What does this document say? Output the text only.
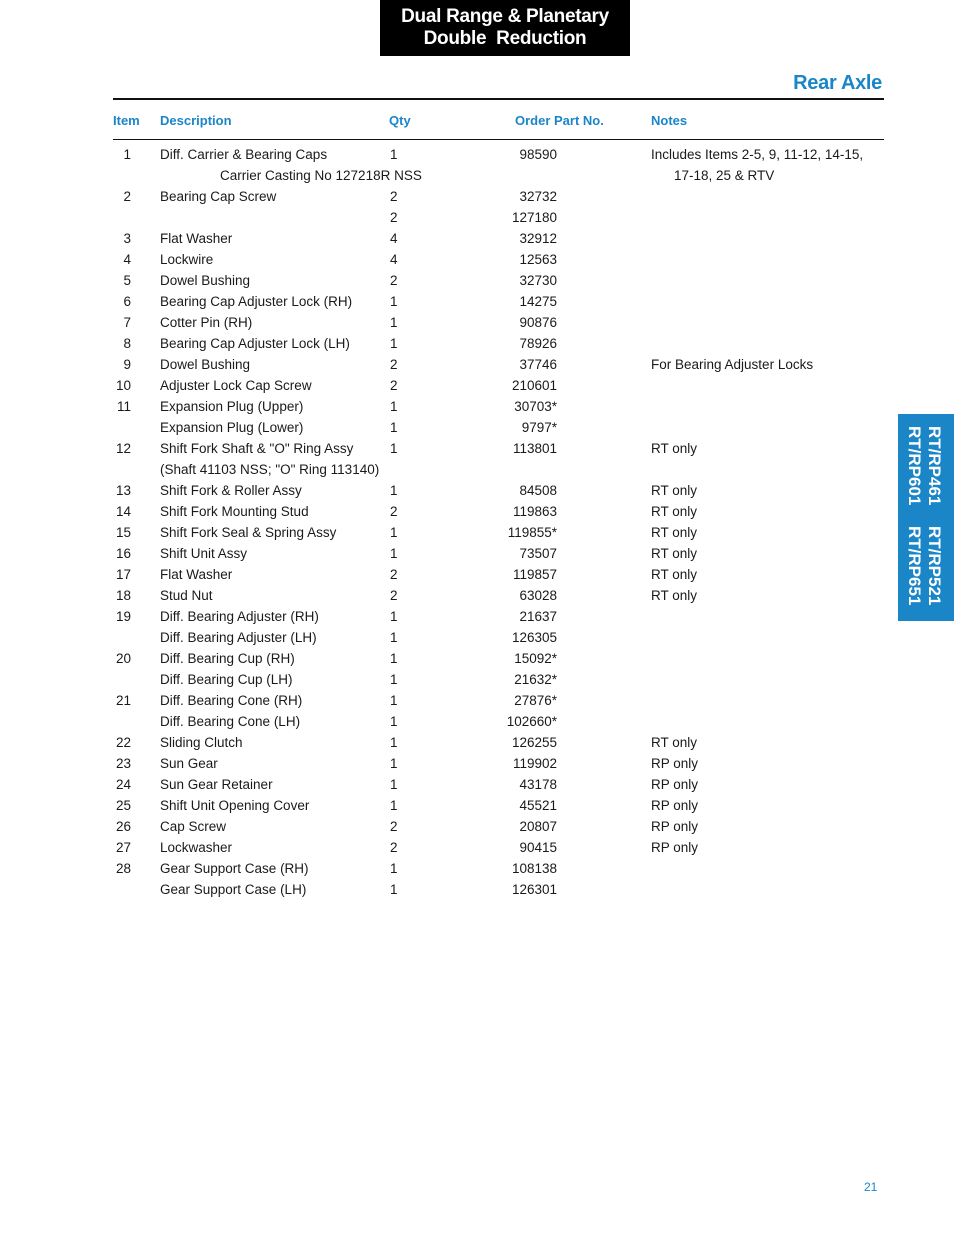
Dual Range & Planetary
Double  Reduction
Rear Axle
Item Description	Qty	Order Part No.	Notes
1 Diff. Carrier & Bearing Caps	1	98590	Includes Items 2-5, 9, 11-12, 14-15,
17-18, 25 & RTV
Carrier Casting No 127218R NSS
2 Bearing Cap Screw	2	32732
2	127180
3 Flat Washer	4	32912
4 Lockwire	4	12563
5 Dowel Bushing	2	32730
6 Bearing Cap Adjuster Lock (RH)	1	14275
7 Cotter Pin (RH)	1	90876
8 Bearing Cap Adjuster Lock (LH)	1	78926
9 Dowel Bushing	2	37746	For Bearing Adjuster Locks
10 Adjuster Lock Cap Screw	2	210601
11 Expansion Plug (Upper)	1	30703*
Expansion Plug (Lower)	1	9797*
12 Shift Fork Shaft & "O" Ring Assy	1	113801	RT only
(Shaft 41103 NSS; "O" Ring 113140)
13 Shift Fork & Roller Assy	1	84508	RT only
14 Shift Fork Mounting Stud	2	119863	RT only
15 Shift Fork Seal & Spring Assy	1	119855*	RT only
16 Shift Unit Assy	1	73507	RT only
17 Flat Washer	2	119857	RT only
18 Stud Nut	2	63028	RT only
19 Diff. Bearing Adjuster (RH)	1	21637
Diff. Bearing Adjuster (LH)	1	126305
20 Diff. Bearing Cup (RH)	1	15092*
Diff. Bearing Cup (LH)	1	21632*
21 Diff. Bearing Cone (RH)	1	27876*
Diff. Bearing Cone (LH)	1	102660*
22 Sliding Clutch	1	126255	RT only
23 Sun Gear	1	119902	RP only
24 Sun Gear Retainer	1	43178	RP only
25 Shift Unit Opening Cover	1	45521	RP only
26 Cap Screw	2	20807	RP only
27 Lockwasher	2	90415	RP only
28 Gear Support Case (RH)	1	108138
Gear Support Case (LH)	1	126301
RT/RP461
RT/RP601
RT/RP521
RT/RP651
21
